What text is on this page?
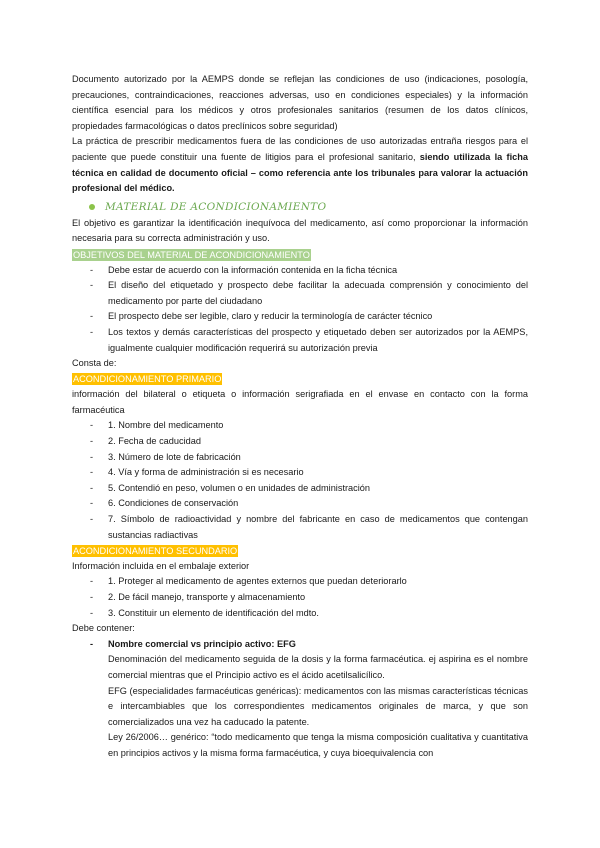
Documento autorizado por la AEMPS donde se reflejan las condiciones de uso (indicaciones, posología, precauciones, contraindicaciones, reacciones adversas, uso en condiciones especiales) y la información científica esencial para los médicos y otros profesionales sanitarios (resumen de los datos clínicos, propiedades farmacológicas o datos preclínicos sobre seguridad)

La práctica de prescribir medicamentos fuera de las condiciones de uso autorizadas entraña riesgos para el paciente que puede constituir una fuente de litigios para el profesional sanitario, siendo utilizada la ficha técnica en calidad de documento oficial – como referencia ante los tribunales para valorar la actuación profesional del médico.

MATERIAL DE ACONDICIONAMIENTO

El objetivo es garantizar la identificación inequívoca del medicamento, así como proporcionar la información necesaria para su correcta administración y uso.

OBJETIVOS DEL MATERIAL DE ACONDICIONAMIENTO
- Debe estar de acuerdo con la información contenida en la ficha técnica
- El diseño del etiquetado y prospecto debe facilitar la adecuada comprensión y conocimiento del medicamento por parte del ciudadano
- El prospecto debe ser legible, claro y reducir la terminología de carácter técnico
- Los textos y demás características del prospecto y etiquetado deben ser autorizados por la AEMPS, igualmente cualquier modificación requerirá su autorización previa

Consta de:

ACONDICIONAMIENTO PRIMARIO

información del bilateral o etiqueta o información serigrafiada en el envase en contacto con la forma farmacéutica

- 1. Nombre del medicamento
- 2. Fecha de caducidad
- 3. Número de lote de fabricación
- 4. Vía y forma de administración si es necesario
- 5. Contendió en peso, volumen o en unidades de administración
- 6. Condiciones de conservación
- 7. Símbolo de radioactividad y nombre del fabricante en caso de medicamentos que contengan sustancias radiactivas
ACONDICIONAMIENTO SECUNDARIO

Información incluida en el embalaje exterior

- 1. Proteger al medicamento de agentes externos que puedan deteriorarlo
- 2. De fácil manejo, transporte y almacenamiento
- 3. Constituir un elemento de identificación del mdto.

Debe contener:

- Nombre comercial vs principio activo: EFG
Denominación del medicamento seguida de la dosis y la forma farmacéutica. ej aspirina es el nombre comercial mientras que el Principio activo es el ácido acetilsalicílico.
EFG (especialidades farmacéuticas genéricas): medicamentos con las mismas características técnicas e intercambiables que los correspondientes medicamentos originales de marca, y que son comercializados una vez ha caducado la patente.
Ley 26/2006… genérico: “todo medicamento que tenga la misma composición cualitativa y cuantitativa en principios activos y la misma forma farmacéutica, y cuya bioequivalencia con
